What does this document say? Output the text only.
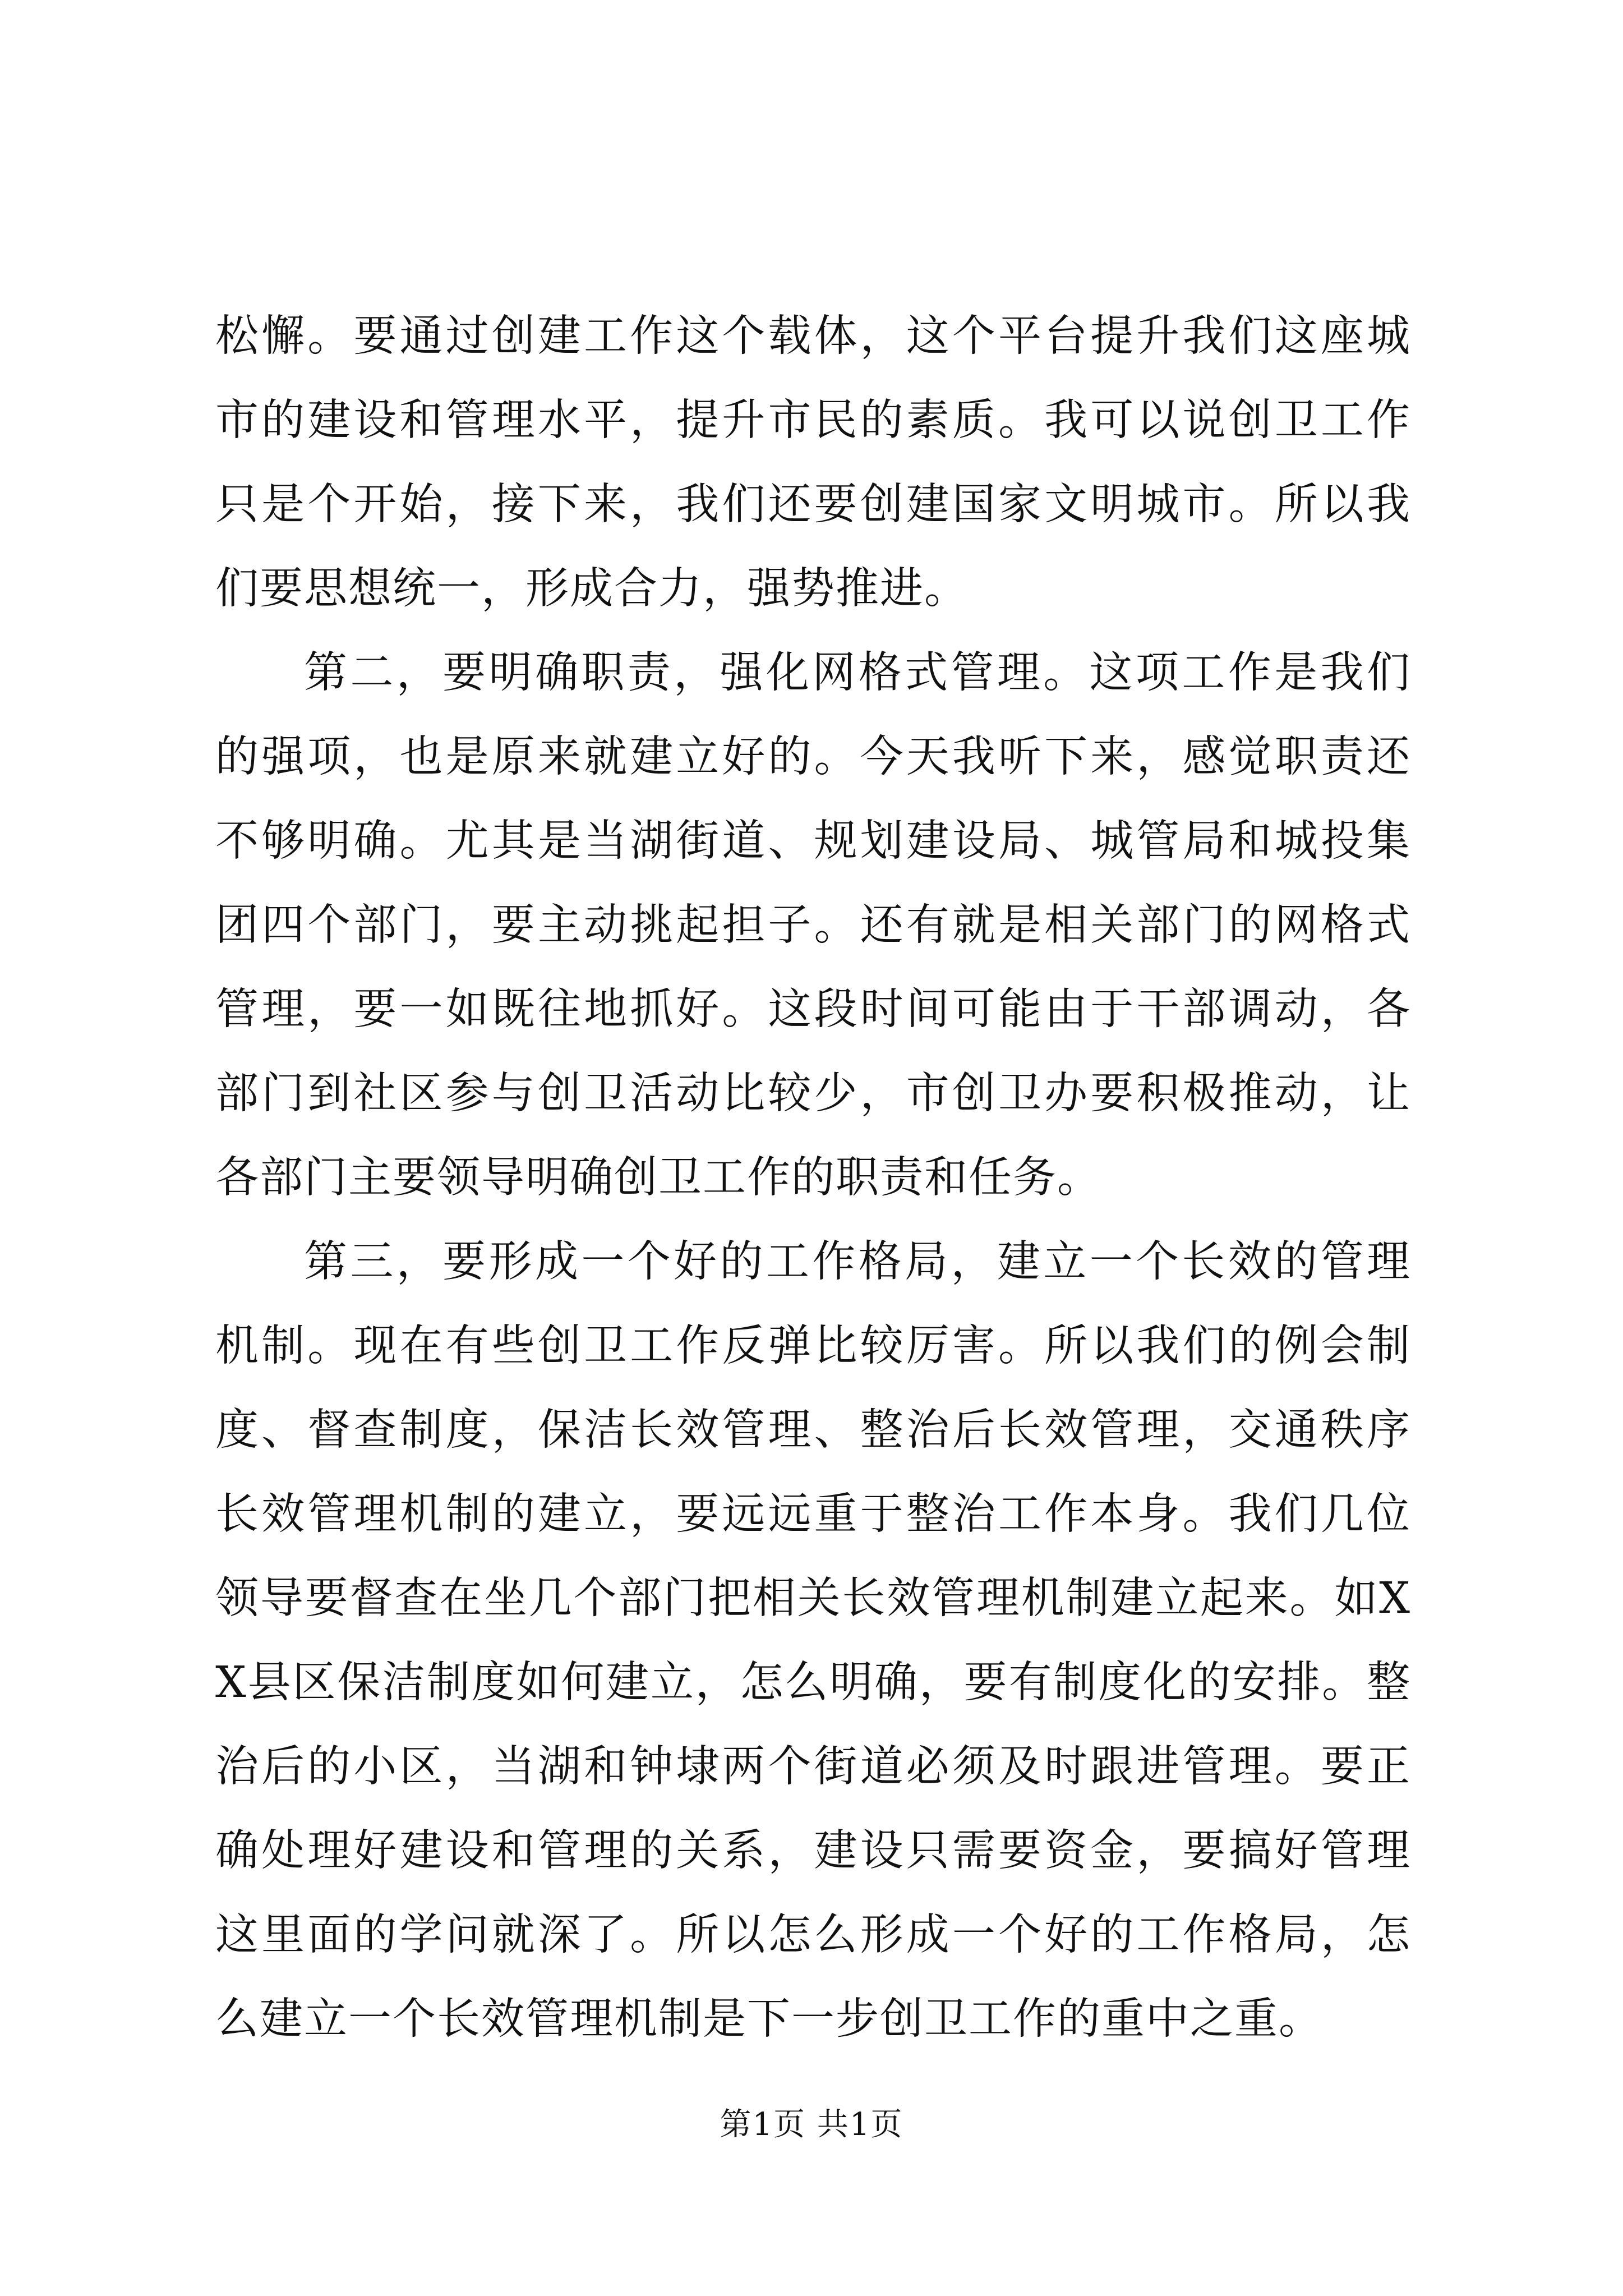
松懈。要通过创建工作这个载体，这个平台提升我们这座城市的建设和管理水平，提升市民的素质。我可以说创卫工作只是个开始，接下来，我们还要创建国家文明城市。所以我们要思想统一，形成合力，强势推进。

第二，要明确职责，强化网格式管理。这项工作是我们的强项，也是原来就建立好的。今天我听下来，感觉职责还不够明确。尤其是当湖街道、规划建设局、城管局和城投集团四个部门，要主动挑起担子。还有就是相关部门的网格式管理，要一如既往地抓好。这段时间可能由于干部调动，各部门到社区参与创卫活动比较少，市创卫办要积极推动，让各部门主要领导明确创卫工作的职责和任务。

第三，要形成一个好的工作格局，建立一个长效的管理机制。现在有些创卫工作反弹比较厉害。所以我们的例会制度、督查制度，保洁长效管理、整治后长效管理，交通秩序长效管理机制的建立，要远远重于整治工作本身。我们几位领导要督查在坐几个部门把相关长效管理机制建立起来。如XX县区保洁制度如何建立，怎么明确，要有制度化的安排。整治后的小区，当湖和钟埭两个街道必须及时跟进管理。要正确处理好建设和管理的关系，建设只需要资金，要搞好管理这里面的学问就深了。所以怎么形成一个好的工作格局，怎么建立一个长效管理机制是下一步创卫工作的重中之重。

第1页 共1页
